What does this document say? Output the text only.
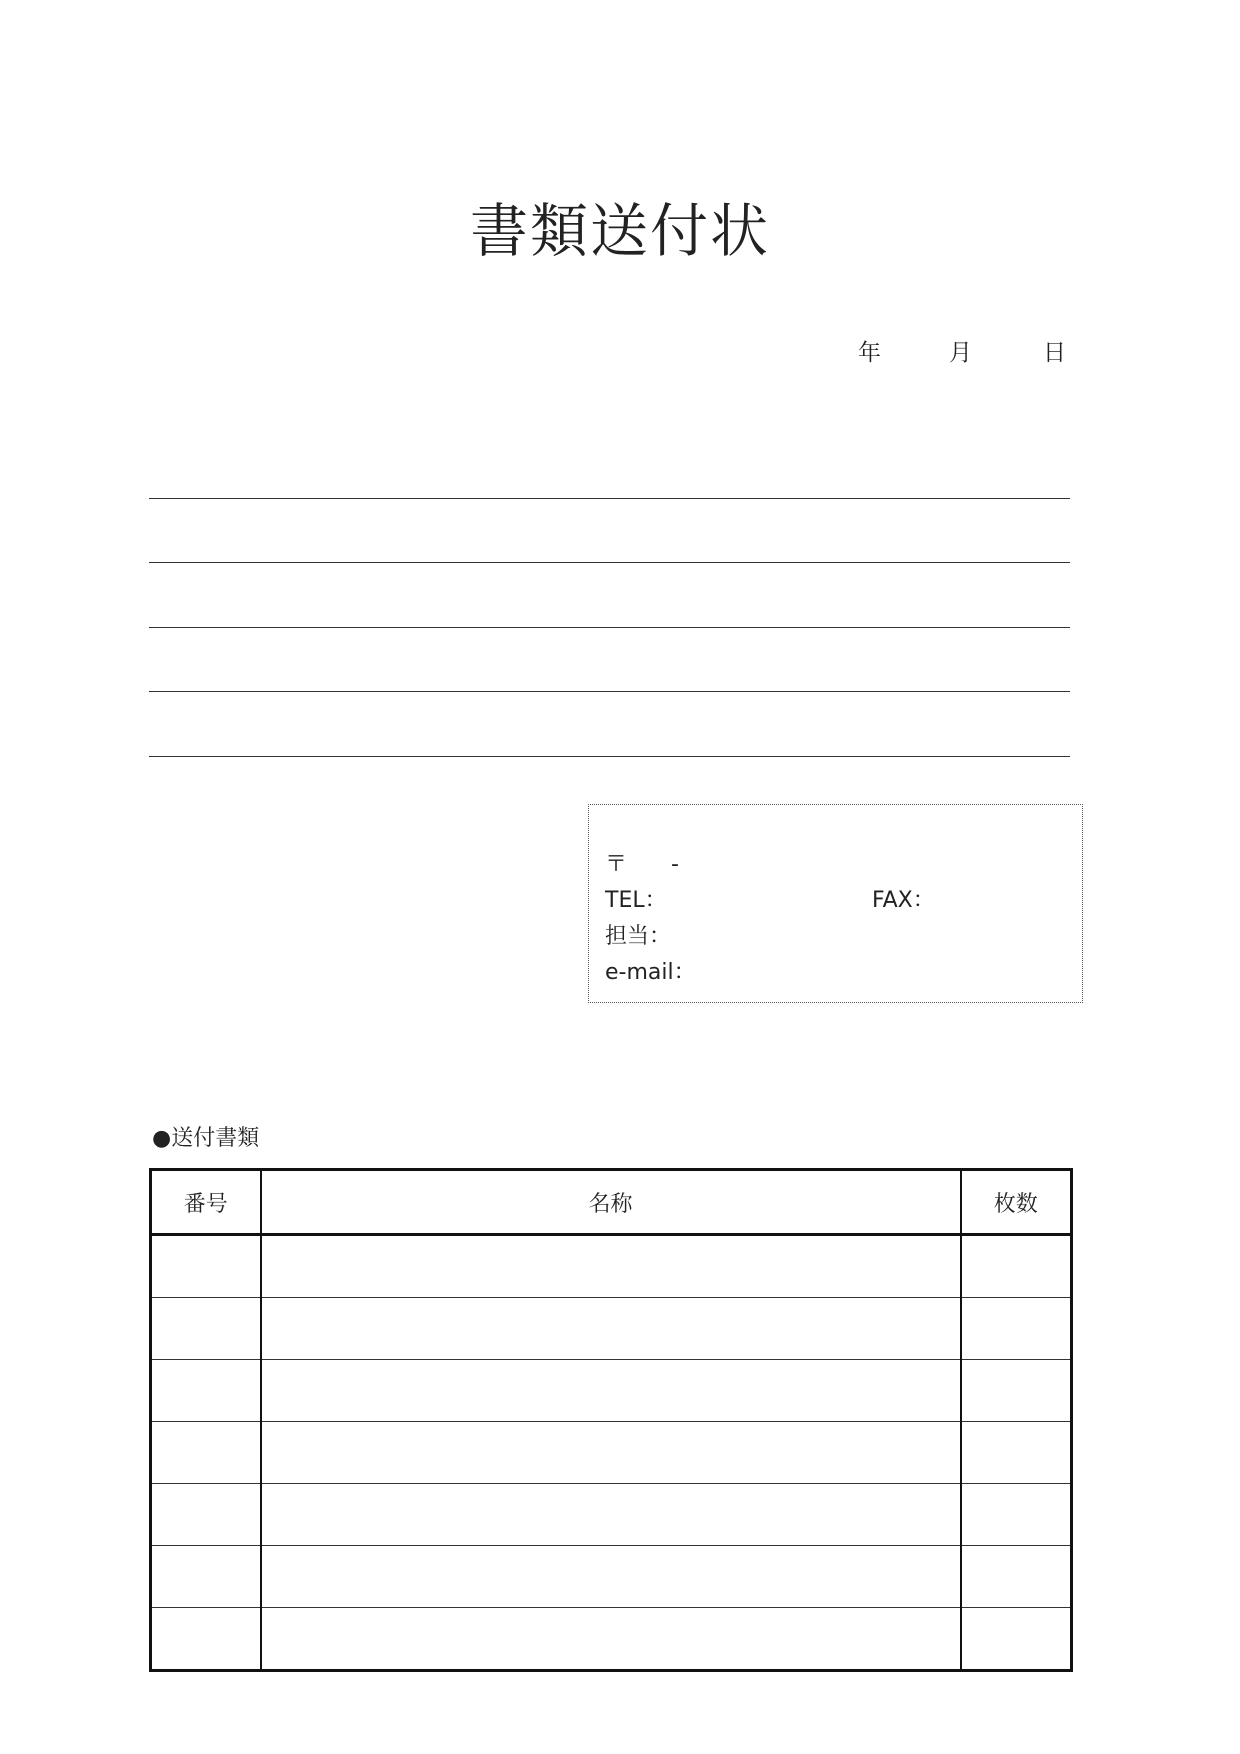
書類送付状
年	月	日
〒　　-
TEL：	FAX：
担当：
e-mail：
●送付書類
番号	名称	枚数
